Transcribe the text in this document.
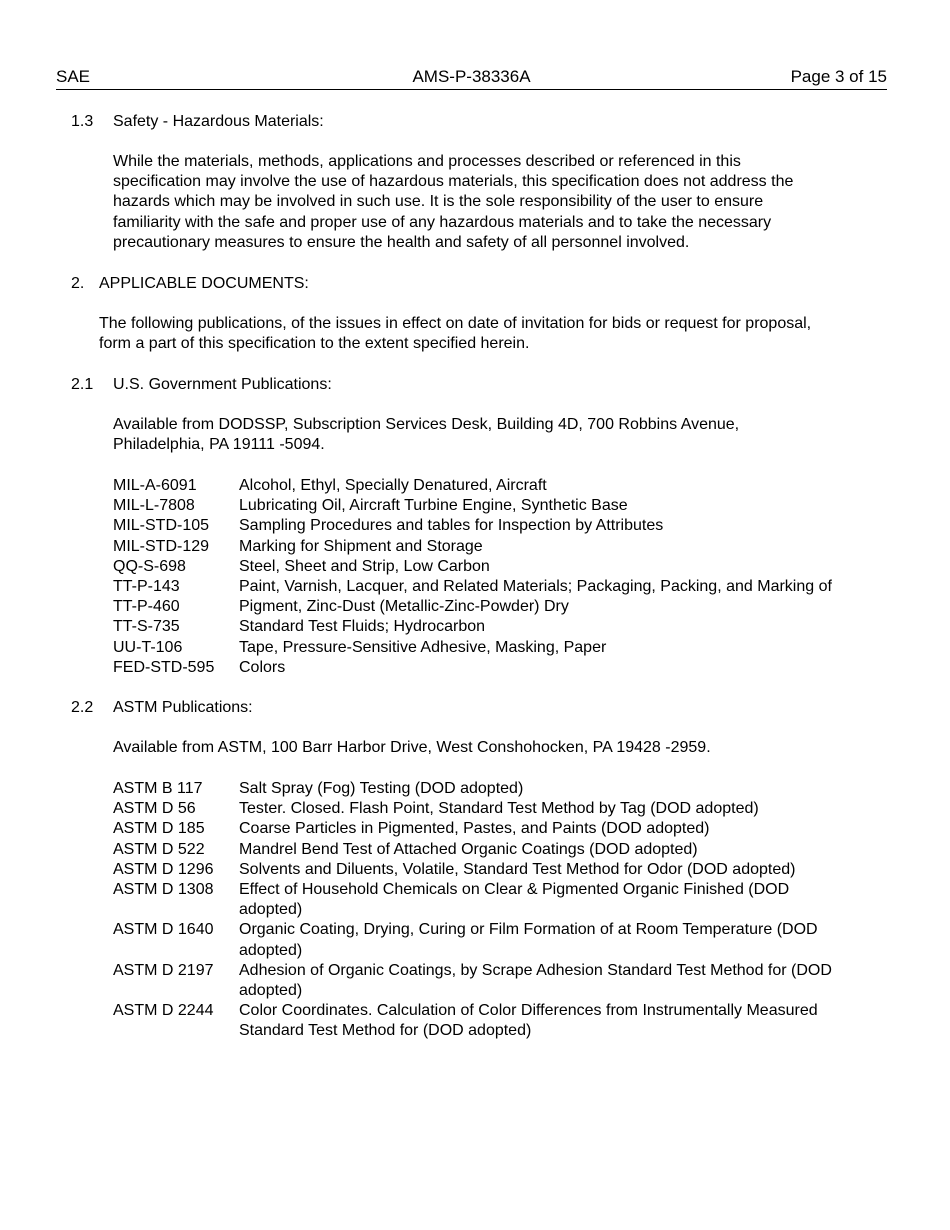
SAE	AMS-P-38336A	Page 3 of 15
1.3 Safety - Hazardous Materials:
While the materials, methods, applications and processes described or referenced in this
specification may involve the use of hazardous materials, this specification does not address the
hazards which may be involved in such use. It is the sole responsibility of the user to ensure
familiarity with the safe and proper use of any hazardous materials and to take the necessary
precautionary measures to ensure the health and safety of all personnel involved.
2. APPLICABLE DOCUMENTS:
The following publications, of the issues in effect on date of invitation for bids or request for proposal,
form a part of this specification to the extent specified herein.
2.1 U.S. Government Publications:
Available from DODSSP, Subscription Services Desk, Building 4D, 700 Robbins Avenue,
Philadelphia, PA 19111 -5094.
MIL-A-6091	Alcohol, Ethyl, Specially Denatured, Aircraft
MIL-L-7808	Lubricating Oil, Aircraft Turbine Engine, Synthetic Base
MIL-STD-105	Sampling Procedures and tables for Inspection by Attributes
MIL-STD-129	Marking for Shipment and Storage
QQ-S-698	Steel, Sheet and Strip, Low Carbon
TT-P-143	Paint, Varnish, Lacquer, and Related Materials; Packaging, Packing, and Marking of
TT-P-460	Pigment, Zinc-Dust (Metallic-Zinc-Powder) Dry
TT-S-735	Standard Test Fluids; Hydrocarbon
UU-T-106	Tape, Pressure-Sensitive Adhesive, Masking, Paper
FED-STD-595	Colors
2.2 ASTM Publications:
Available from ASTM, 100 Barr Harbor Drive, West Conshohocken, PA 19428 -2959.
ASTM B 117	Salt Spray (Fog) Testing (DOD adopted)
ASTM D 56	Tester. Closed. Flash Point, Standard Test Method by Tag (DOD adopted)
ASTM D 185	Coarse Particles in Pigmented, Pastes, and Paints (DOD adopted)
ASTM D 522	Mandrel Bend Test of Attached Organic Coatings (DOD adopted)
ASTM D 1296	Solvents and Diluents, Volatile, Standard Test Method for Odor (DOD adopted)
ASTM D 1308	Effect of Household Chemicals on Clear & Pigmented Organic Finished (DOD
adopted)
ASTM D 1640	Organic Coating, Drying, Curing or Film Formation of at Room Temperature (DOD
adopted)
ASTM D 2197	Adhesion of Organic Coatings, by Scrape Adhesion Standard Test Method for (DOD
adopted)
ASTM D 2244	Color Coordinates. Calculation of Color Differences from Instrumentally Measured
Standard Test Method for (DOD adopted)
